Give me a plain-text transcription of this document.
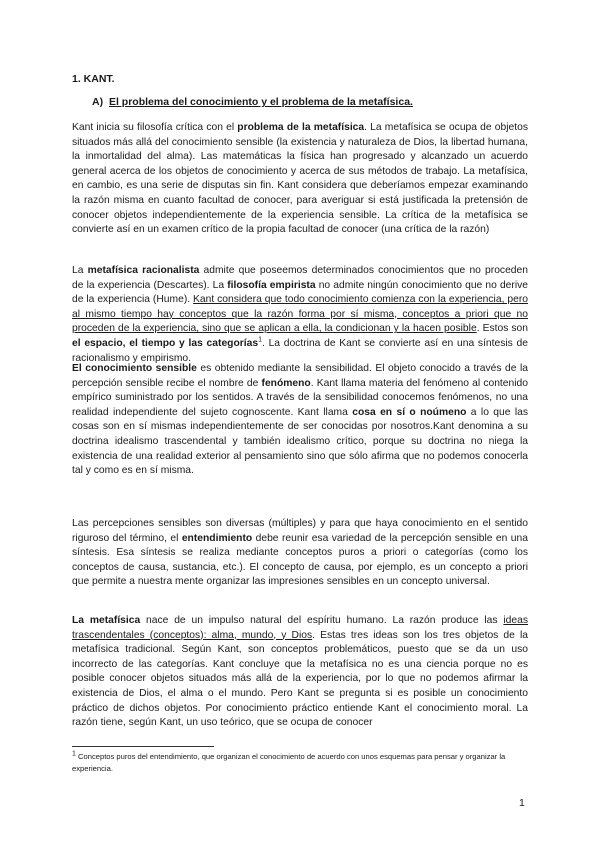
1. KANT.
A) El problema del conocimiento y el problema de la metafísica.
Kant inicia su filosofía crítica con el problema de la metafísica. La metafísica se ocupa de objetos situados más allá del conocimiento sensible (la existencia y naturaleza de Dios, la libertad humana, la inmortalidad del alma). Las matemáticas la física han progresado y alcanzado un acuerdo general acerca de los objetos de conocimiento y acerca de sus métodos de trabajo. La metafísica, en cambio, es una serie de disputas sin fin. Kant considera que deberíamos empezar examinando la razón misma en cuanto facultad de conocer, para averiguar si está justificada la pretensión de conocer objetos independientemente de la experiencia sensible. La crítica de la metafísica se convierte así en un examen crítico de la propia facultad de conocer (una crítica de la razón)
La metafísica racionalista admite que poseemos determinados conocimientos que no proceden de la experiencia (Descartes). La filosofía empirista no admite ningún conocimiento que no derive de la experiencia (Hume). Kant considera que todo conocimiento comienza con la experiencia, pero al mismo tiempo hay conceptos que la razón forma por sí misma, conceptos a priori que no proceden de la experiencia, sino que se aplican a ella, la condicionan y la hacen posible. Estos son el espacio, el tiempo y las categorías$^1$. La doctrina de Kant se convierte así en una síntesis de racionalismo y empirismo.
El conocimiento sensible es obtenido mediante la sensibilidad. El objeto conocido a través de la percepción sensible recibe el nombre de fenómeno. Kant llama materia del fenómeno al contenido empírico suministrado por los sentidos. A través de la sensibilidad conocemos fenómenos, no una realidad independiente del sujeto cognoscente. Kant llama cosa en sí o noúmeno a lo que las cosas son en sí mismas independientemente de ser conocidas por nosotros.Kant denomina a su doctrina idealismo trascendental y también idealismo crítico, porque su doctrina no niega la existencia de una realidad exterior al pensamiento sino que sólo afirma que no podemos conocerla tal y como es en sí misma.
Las percepciones sensibles son diversas (múltiples) y para que haya conocimiento en el sentido riguroso del término, el entendimiento debe reunir esa variedad de la percepción sensible en una síntesis. Esa síntesis se realiza mediante conceptos puros a priori o categorías (como los conceptos de causa, sustancia, etc.). El concepto de causa, por ejemplo, es un concepto a priori que permite a nuestra mente organizar las impresiones sensibles en un concepto universal.
La metafísica nace de un impulso natural del espíritu humano. La razón produce las ideas trascendentales (conceptos): alma, mundo, y Dios. Estas tres ideas son los tres objetos de la metafísica tradicional. Según Kant, son conceptos problemáticos, puesto que se da un uso incorrecto de las categorías. Kant concluye que la metafísica no es una ciencia porque no es posible conocer objetos situados más allá de la experiencia, por lo que no podemos afirmar la existencia de Dios, el alma o el mundo. Pero Kant se pregunta si es posible un conocimiento práctico de dichos objetos. Por conocimiento práctico entiende Kant el conocimiento moral. La razón tiene, según Kant, un uso teórico, que se ocupa de conocer
$^1$ Conceptos puros del entendimiento, que organizan el conocimiento de acuerdo con unos esquemas para pensar y organizar la experiencia.
1
